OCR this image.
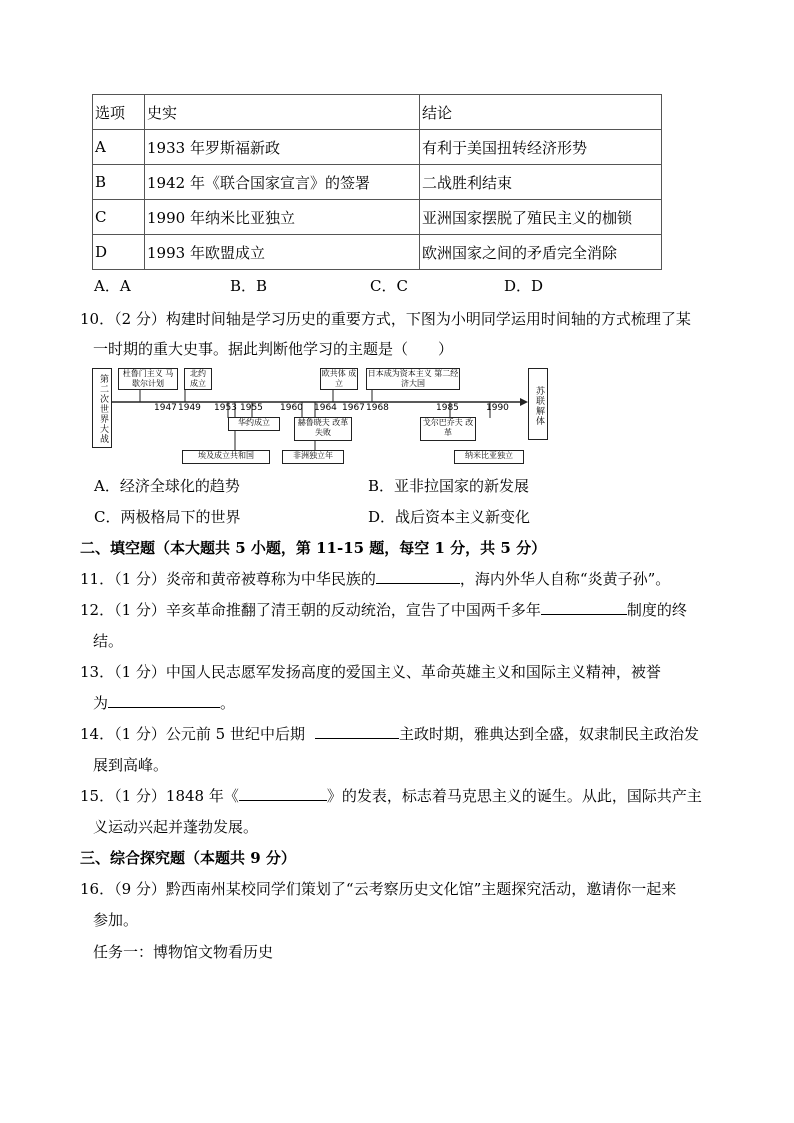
选项	史实	结论
A	1933 年罗斯福新政	有利于美国扭转经济形势
B	1942 年《联合国家宣言》的签署	二战胜利结束
C	1990 年纳米比亚独立	亚洲国家摆脱了殖民主义的枷锁
D	1993 年欧盟成立	欧洲国家之间的矛盾完全消除
A．A	B．B	C．C	D．D
10．（2 分）构建时间轴是学习历史的重要方式，下图为小明同学运用时间轴的方式梳理了某
一时期的重大史事。据此判断他学习的主题是（　　）
第二次世界大战	苏联解体
杜鲁门主义 马歇尔计划
北约 成立
欧共体 成立
日本成为资本主义 第二经济大国
1947 1949 1953 1955 1960 1964 1967 1968	1985	1990
埃及成立共和国
华约成立	赫鲁晓夫 改革失败
非洲独立年
戈尔巴乔夫 改革
纳米比亚独立
A．经济全球化的趋势	B．亚非拉国家的新发展
C．两极格局下的世界	D．战后资本主义新变化
二、填空题（本大题共 5 小题，第 11-15 题，每空 1 分，共 5 分）
11．（1 分）炎帝和黄帝被尊称为中华民族的	，海内外华人自称“炎黄子孙”。
12．（1 分）辛亥革命推翻了清王朝的反动统治，宣告了中国两千多年	制度的终
结。
13．（1 分）中国人民志愿军发扬高度的爱国主义、革命英雄主义和国际主义精神，被誉
为	。
14．（1 分）公元前 5 世纪中后期	主政时期，雅典达到全盛，奴隶制民主政治发
展到高峰。
15．（1 分）1848 年《	》的发表，标志着马克思主义的诞生。从此，国际共产主
义运动兴起并蓬勃发展。
三、综合探究题（本题共 9 分）
16．（9 分）黔西南州某校同学们策划了“云考察历史文化馆”主题探究活动，邀请你一起来
参加。
任务一：博物馆文物看历史
